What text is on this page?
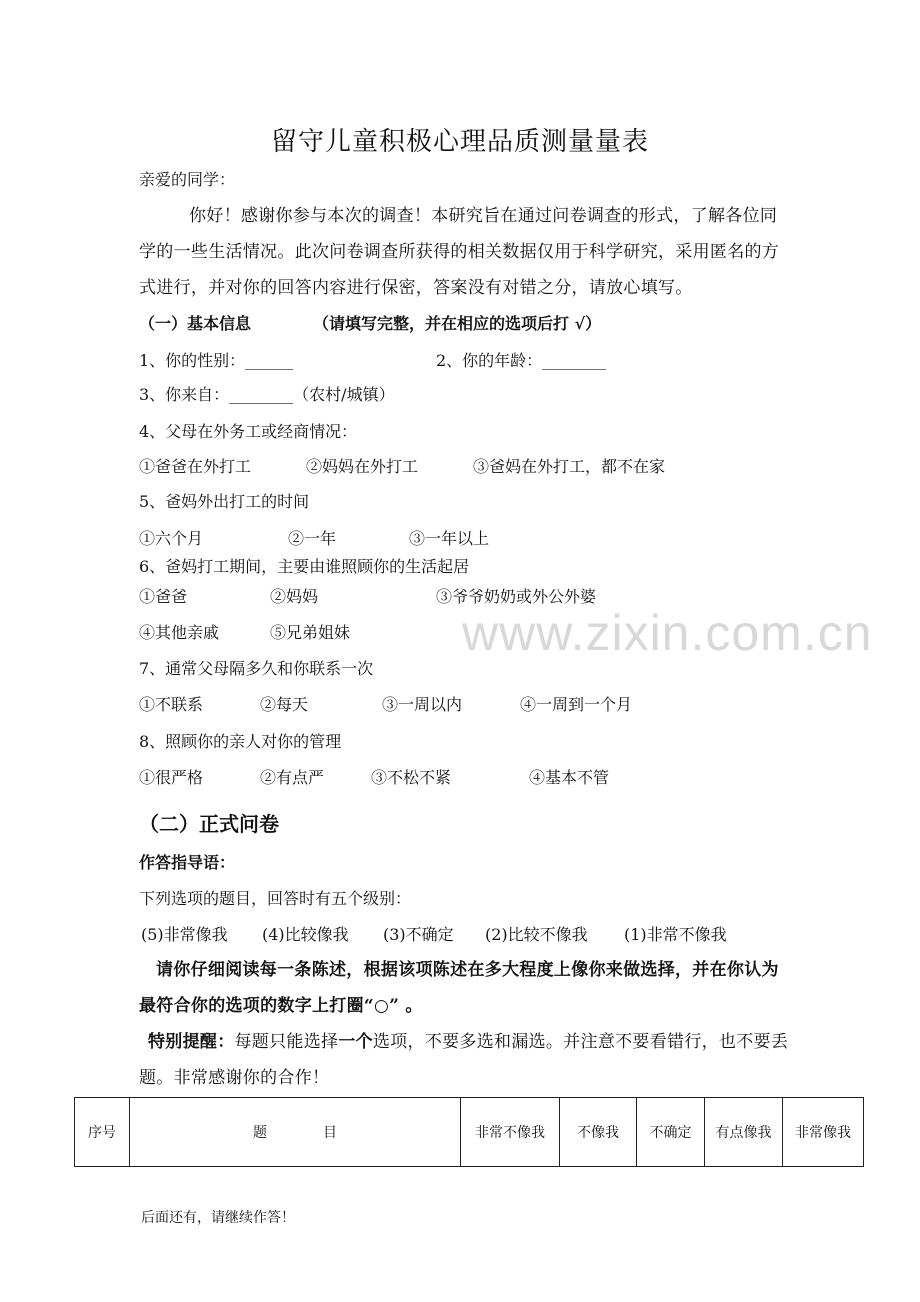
留守儿童积极心理品质测量量表
亲爱的同学：
你好！感谢你参与本次的调查！本研究旨在通过问卷调查的形式，了解各位同学的一些生活情况。此次问卷调查所获得的相关数据仅用于科学研究，采用匿名的方式进行，并对你的回答内容进行保密，答案没有对错之分，请放心填写。
（一）基本信息	（请填写完整，并在相应的选项后打 √）
1、你的性别：______	2、你的年龄：________
3、你来自：________（农村/城镇）
4、父母在外务工或经商情况：
①爸爸在外打工	②妈妈在外打工	③爸妈在外打工，都不在家
5、爸妈外出打工的时间
①六个月	②一年	③一年以上
6、爸妈打工期间，主要由谁照顾你的生活起居
①爸爸	②妈妈	③爷爷奶奶或外公外婆
④其他亲戚	⑤兄弟姐妹 www.zixin.com.cn
7、通常父母隔多久和你联系一次
①不联系	②每天	③一周以内	④一周到一个月
8、照顾你的亲人对你的管理
①很严格	②有点严	③不松不紧	④基本不管
（二）正式问卷
作答指导语：
下列选项的题目，回答时有五个级别：
(5)非常像我 (4)比较像我 (3)不确定 (2)比较不像我 (1)非常不像我
请你仔细阅读每一条陈述，根据该项陈述在多大程度上像你来做选择，并在你认为最符合你的选项的数字上打圈“○” 。
特别提醒：每题只能选择一个选项，不要多选和漏选。并注意不要看错行，也不要丢题。非常感谢你的合作！
序号	题　　　　目	非常不像我	不像我	不确定	有点像我	非常像我
后面还有，请继续作答！
